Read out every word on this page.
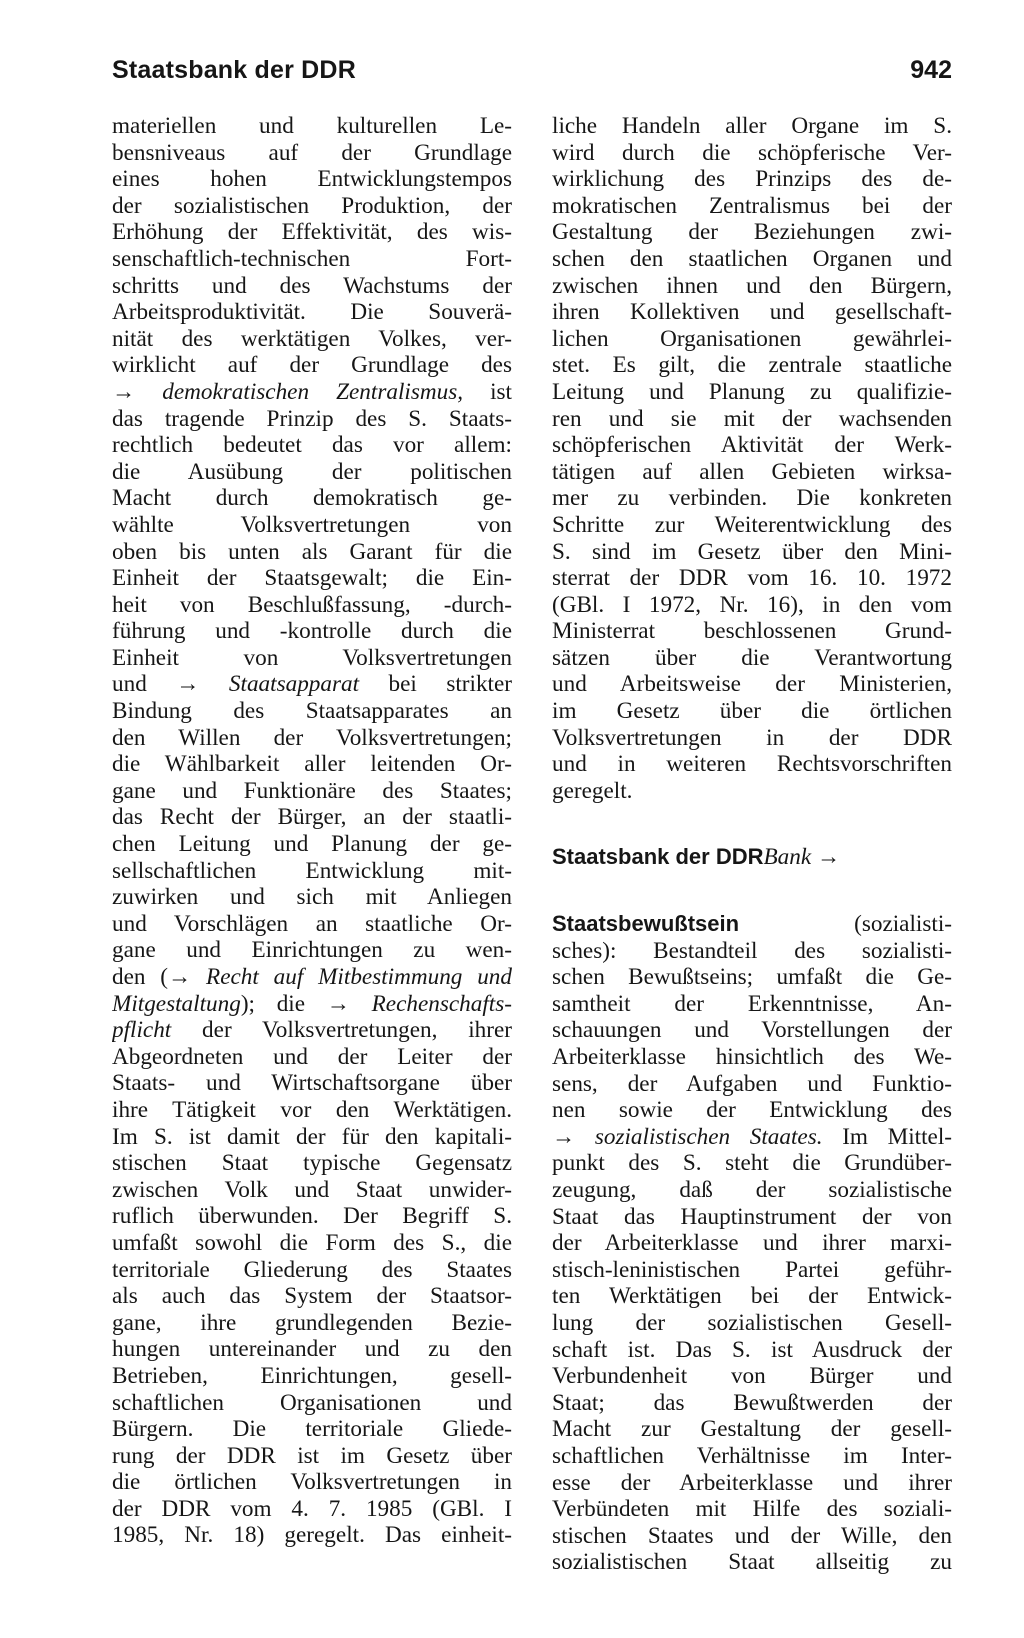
Staatsbank der DDR	942
materiellen und kulturellen Le-
bensniveaus auf der Grundlage
eines hohen Entwicklungstempos
der sozialistischen Produktion, der
Erhöhung der Effektivität, des wis-
senschaftlich-technischen Fort-
schritts und des Wachstums der
Arbeitsproduktivität. Die Souverä-
nität des werktätigen Volkes, ver-
wirklicht auf der Grundlage des
→ demokratischen Zentralismus, ist
das tragende Prinzip des S. Staats-
rechtlich bedeutet das vor allem:
die Ausübung der politischen
Macht durch demokratisch ge-
wählte Volksvertretungen von
oben bis unten als Garant für die
Einheit der Staatsgewalt; die Ein-
heit von Beschlußfassung, -durch-
führung und -kontrolle durch die
Einheit von Volksvertretungen
und → Staatsapparat bei strikter
Bindung des Staatsapparates an
den Willen der Volksvertretungen;
die Wählbarkeit aller leitenden Or-
gane und Funktionäre des Staates;
das Recht der Bürger, an der staatli-
chen Leitung und Planung der ge-
sellschaftlichen Entwicklung mit-
zuwirken und sich mit Anliegen
und Vorschlägen an staatliche Or-
gane und Einrichtungen zu wen-
den (→ Recht auf Mitbestimmung und
Mitgestaltung); die → Rechenschafts-
pflicht der Volksvertretungen, ihrer
Abgeordneten und der Leiter der
Staats- und Wirtschaftsorgane über
ihre Tätigkeit vor den Werktätigen.
Im S. ist damit der für den kapitali-
stischen Staat typische Gegensatz
zwischen Volk und Staat unwider-
ruflich überwunden. Der Begriff S.
umfaßt sowohl die Form des S., die
territoriale Gliederung des Staates
als auch das System der Staatsor-
gane, ihre grundlegenden Bezie-
hungen untereinander und zu den
Betrieben, Einrichtungen, gesell-
schaftlichen Organisationen und
Bürgern. Die territoriale Gliede-
rung der DDR ist im Gesetz über
die örtlichen Volksvertretungen in
der DDR vom 4. 7. 1985 (GBl. I
1985, Nr. 18) geregelt. Das einheit-
liche Handeln aller Organe im S.
wird durch die schöpferische Ver-
wirklichung des Prinzips des de-
mokratischen Zentralismus bei der
Gestaltung der Beziehungen zwi-
schen den staatlichen Organen und
zwischen ihnen und den Bürgern,
ihren Kollektiven und gesellschaft-
lichen Organisationen gewährlei-
stet. Es gilt, die zentrale staatliche
Leitung und Planung zu qualifizie-
ren und sie mit der wachsenden
schöpferischen Aktivität der Werk-
tätigen auf allen Gebieten wirksa-
mer zu verbinden. Die konkreten
Schritte zur Weiterentwicklung des
S. sind im Gesetz über den Mini-
sterrat der DDR vom 16. 10. 1972
(GBl. I 1972, Nr. 16), in den vom
Ministerrat beschlossenen Grund-
sätzen über die Verantwortung
und Arbeitsweise der Ministerien,
im Gesetz über die örtlichen
Volksvertretungen in der DDR
und in weiteren Rechtsvorschriften
geregelt.
Staatsbank der DDRBank →
Staatsbewußtsein (sozialisti-
sches): Bestandteil des sozialisti-
schen Bewußtseins; umfaßt die Ge-
samtheit der Erkenntnisse, An-
schauungen und Vorstellungen der
Arbeiterklasse hinsichtlich des We-
sens, der Aufgaben und Funktio-
nen sowie der Entwicklung des
→ sozialistischen Staates. Im Mittel-
punkt des S. steht die Grundüber-
zeugung, daß der sozialistische
Staat das Hauptinstrument der von
der Arbeiterklasse und ihrer marxi-
stisch-leninistischen Partei geführ-
ten Werktätigen bei der Entwick-
lung der sozialistischen Gesell-
schaft ist. Das S. ist Ausdruck der
Verbundenheit von Bürger und
Staat; das Bewußtwerden der
Macht zur Gestaltung der gesell-
schaftlichen Verhältnisse im Inter-
esse der Arbeiterklasse und ihrer
Verbündeten mit Hilfe des soziali-
stischen Staates und der Wille, den
sozialistischen Staat allseitig zu
